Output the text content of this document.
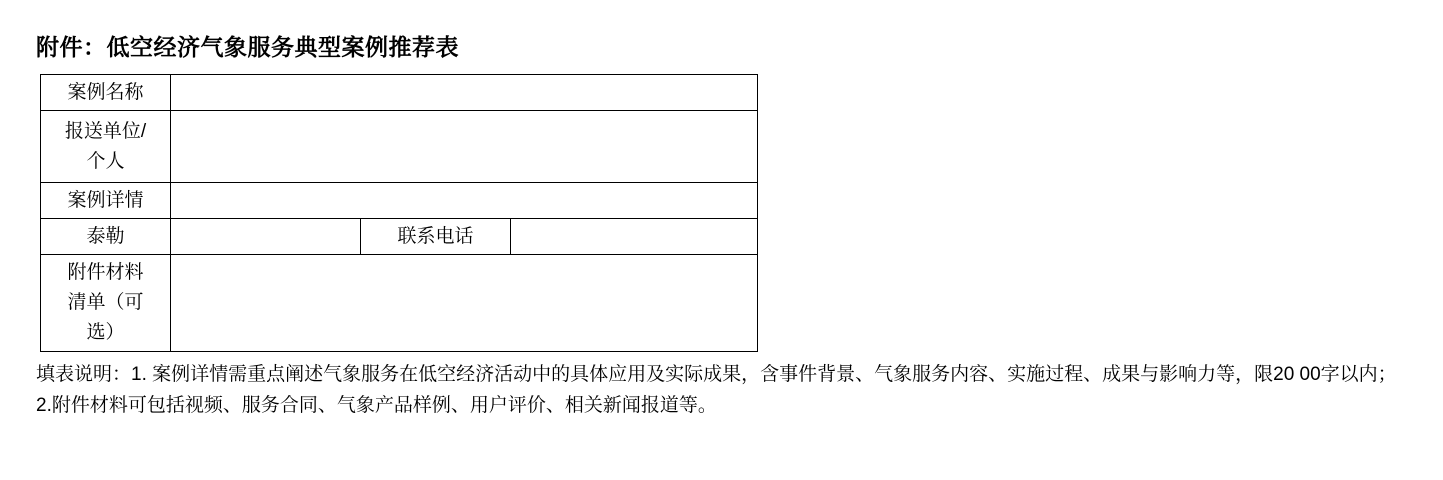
附件：低空经济气象服务典型案例推荐表
案例名称			

报送单位/
个人			

案例详情			

泰勒		联系电话	

附件材料
清单（可
选）			

填表说明：1. 案例详情需重点阐述气象服务在低空经济活动中的具体应用及实际成果，含事件背景、气象服务内容、实施过程、成果与影响力等，限20 00字以内；

2.附件材料可包括视频、服务合同、气象产品样例、用户评价、相关新闻报道等。
